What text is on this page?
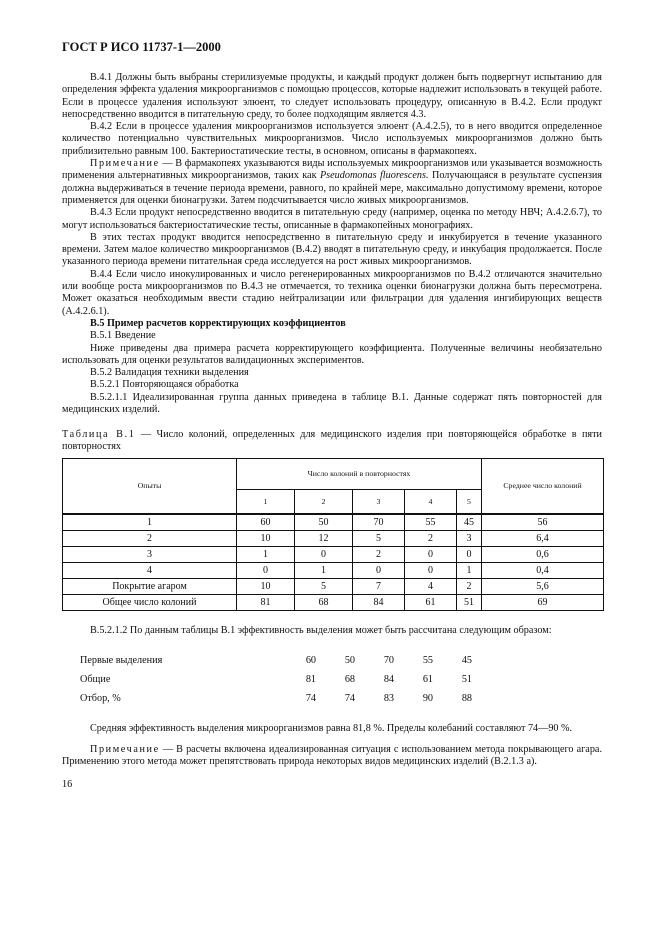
ГОСТ Р ИСО 11737-1—2000

В.4.1 Должны быть выбраны стерилизуемые продукты, и каждый продукт должен быть подвергнут испытанию для определения эффекта удаления микроорганизмов с помощью процессов, которые надлежит использовать в текущей работе. Если в процессе удаления используют элюент, то следует использовать процедуру, описанную в В.4.2. Если продукт непосредственно вводится в питательную среду, то более подходящим является 4.3.

В.4.2 Если в процессе удаления микроорганизмов используется элюент (А.4.2.5), то в него вводится определенное количество потенциально чувствительных микроорганизмов. Число используемых микроорганизмов должно быть приблизительно равным 100. Бактериостатические тесты, в основном, описаны в фармакопеях.

Примечание — В фармакопеях указываются виды используемых микроорганизмов или указывается возможность применения альтернативных микроорганизмов, таких как Pseudomonas fluorescens. Получающаяся в результате суспензия должна выдерживаться в течение периода времени, равного, по крайней мере, максимально допустимому времени, которое применяется для оценки бионагрузки. Затем подсчитывается число живых микроорганизмов.

В.4.3 Если продукт непосредственно вводится в питательную среду (например, оценка по методу НВЧ; А.4.2.6.7), то могут использоваться бактериостатические тесты, описанные в фармакопейных монографиях.

В этих тестах продукт вводится непосредственно в питательную среду и инкубируется в течение указанного времени. Затем малое количество микроорганизмов (В.4.2) вводят в питательную среду, и инкубация продолжается. После указанного периода времени питательная среда исследуется на рост живых микроорганизмов.

В.4.4 Если число инокулированных и число регенерированных микроорганизмов по В.4.2 отличаются значительно или вообще роста микроорганизмов по В.4.3 не отмечается, то техника оценки бионагрузки должна быть пересмотрена. Может оказаться необходимым ввести стадию нейтрализации или фильтрации для удаления ингибирующих веществ (А.4.2.6.1).

В.5 Пример расчетов корректирующих коэффициентов

В.5.1 Введение

Ниже приведены два примера расчета корректирующего коэффициента. Полученные величины необязательно использовать для оценки результатов валидационных экспериментов.

В.5.2 Валидация техники выделения

В.5.2.1 Повторяющаяся обработка

В.5.2.1.1 Идеализированная группа данных приведена в таблице В.1. Данные содержат пять повторностей для медицинских изделий.

Таблица В.1 — Число колоний, определенных для медицинского изделия при повторяющейся обработке в пяти повторностях

Опыты	Число колоний в повторностях					Среднее число колоний
	1	2	3	4	5	
1	60	50	70	55	45	56
2	10	12	5	2	3	6,4
3	1	0	2	0	0	0,6
4	0	1	0	0	1	0,4
Покрытие агаром	10	5	7	4	2	5,6
Общее число колоний	81	68	84	61	51	69

В.5.2.1.2 По данным таблицы В.1 эффективность выделения может быть рассчитана следующим образом:

Первые выделения	60	50	70	55	45
Общие	81	68	84	61	51
Отбор, %	74	74	83	90	88

Средняя эффективность выделения микроорганизмов равна 81,8 %. Пределы колебаний составляют 74—90 %.

Примечание — В расчеты включена идеализированная ситуация с использованием метода покрывающего агара. Применению этого метода может препятствовать природа некоторых видов медицинских изделий (В.2.1.3 а).

16
